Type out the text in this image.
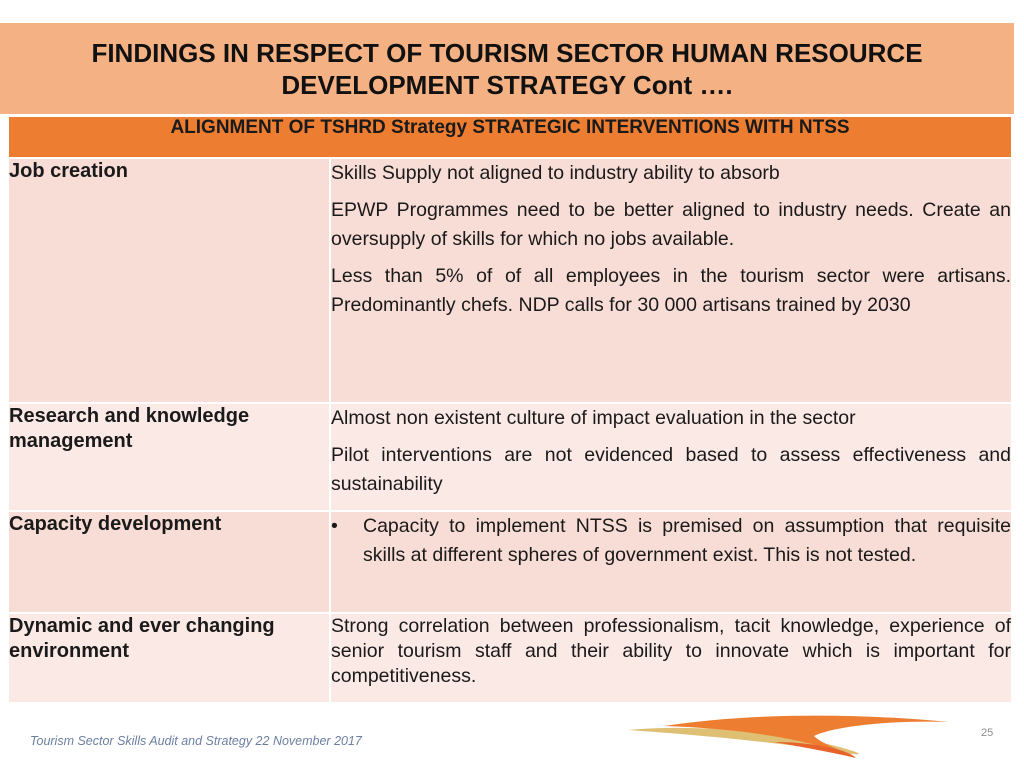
FINDINGS IN RESPECT OF TOURISM SECTOR HUMAN RESOURCE
DEVELOPMENT STRATEGY Cont ….
ALIGNMENT OF TSHRD Strategy STRATEGIC INTERVENTIONS WITH NTSS	
Job creation	Skills Supply not aligned to industry ability to absorb

EPWP Programmes need to be better aligned to industry needs. Create an oversupply of skills for which no jobs available.

Less than 5% of of all employees in the tourism sector were artisans. Predominantly chefs. NDP calls for 30 000 artisans trained by 2030

Research and knowledge management	Almost non existent culture of impact evaluation in the sector

Pilot interventions are not evidenced based to assess effectiveness and sustainability

Capacity development	• Capacity to implement NTSS is premised on assumption that requisite skills at different spheres of government exist. This is not tested.

Dynamic and ever changing environment	Strong correlation between professionalism, tacit knowledge, experience of senior tourism staff and their ability to innovate which is important for competitiveness.
Tourism Sector Skills Audit and Strategy 22 November 2017
25
